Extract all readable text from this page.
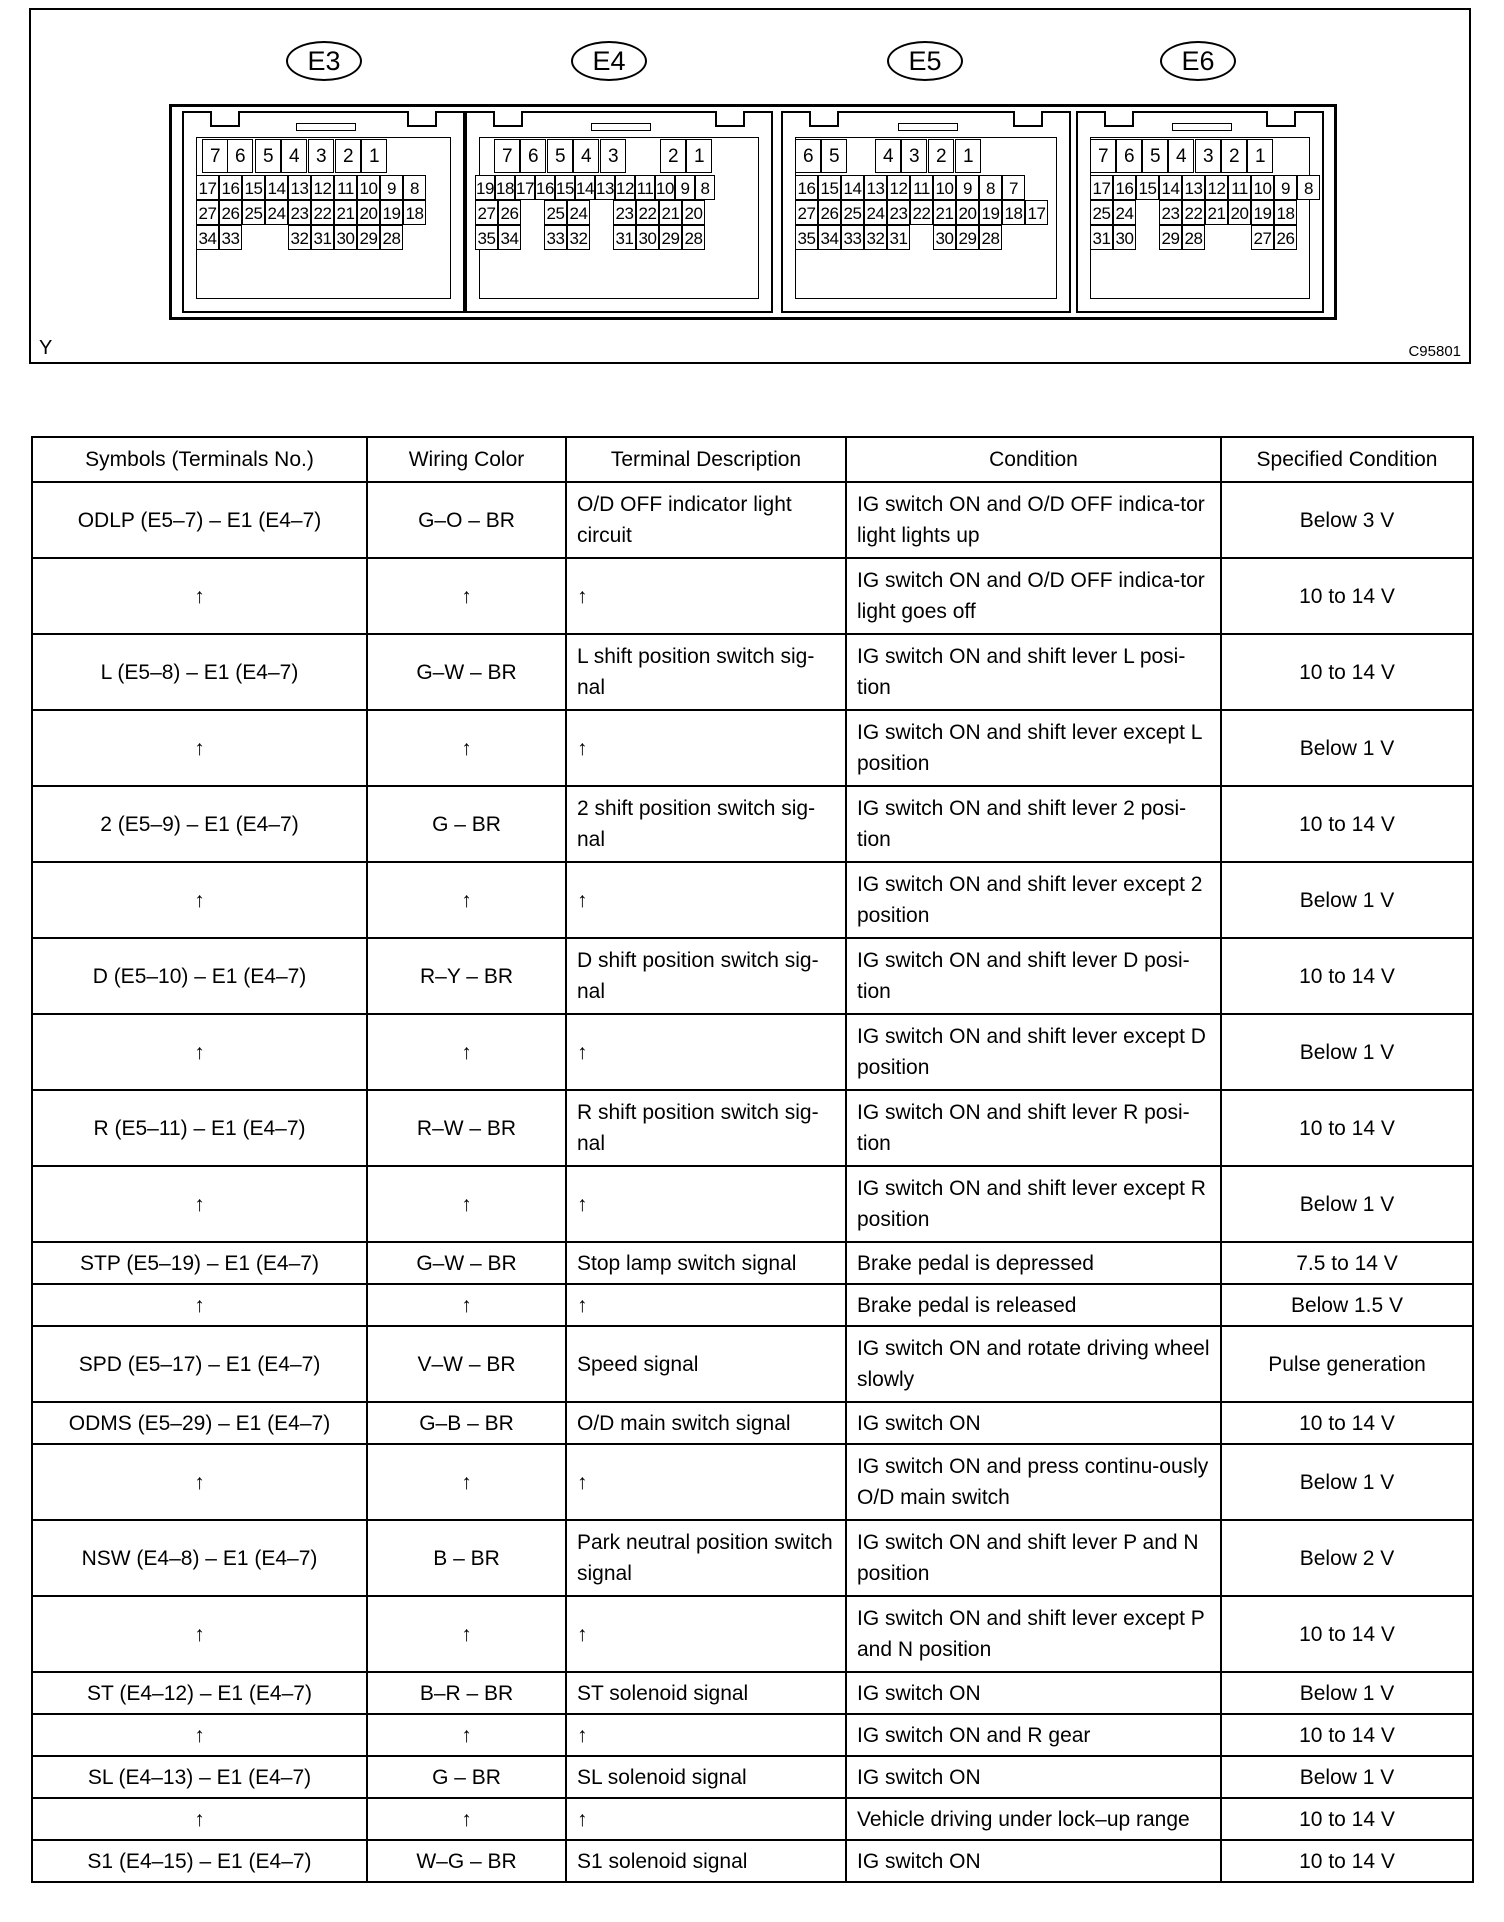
E3	E4	E5	E6
7 6 5 4 3 2 1
17 16 15 14 13 12 11 10 9 8
27 26 25 24 23 22 21 20 19 18
34 33	32 31 30 29 28
7 6 5 4 3	2 1
19 18 17 16 15 14 13 12 11 10 9 8
27 26 25 24 23 22 21 20
35 34 33 32 31 30 29 28
6 5	4 3 2 1
16 15 14 13 12 11 10 9 8 7
27 26 25 24 23 22 21 20 19 18 17
35 34 33 32 31 30 29 28
7 6 5 4 3 2 1
17 16 15 14 13 12 11 10 9 8
25 24 23 22 21 20 19 18
31 30 29 28	27 26
Y	C95801
Symbols (Terminals No.)	Wiring Color	Terminal Description	Condition	Specified Condition
ODLP (E5–7) – E1 (E4–7)	G–O – BR	O/D OFF indicator light circuit	IG switch ON and O/D OFF indica-tor light lights up	Below 3 V
↑	↑	↑	IG switch ON and O/D OFF indica-tor light goes off	10 to 14 V
L (E5–8) – E1 (E4–7)	G–W – BR	L shift position switch sig-nal	IG switch ON and shift lever L posi-tion	10 to 14 V
↑	↑	↑	IG switch ON and shift lever except L position	Below 1 V
2 (E5–9) – E1 (E4–7)	G – BR	2 shift position switch sig-nal	IG switch ON and shift lever 2 posi-tion	10 to 14 V
↑	↑	↑	IG switch ON and shift lever except 2 position	Below 1 V
D (E5–10) – E1 (E4–7)	R–Y – BR	D shift position switch sig-nal	IG switch ON and shift lever D posi-tion	10 to 14 V
↑	↑	↑	IG switch ON and shift lever except D position	Below 1 V
R (E5–11) – E1 (E4–7)	R–W – BR	R shift position switch sig-nal	IG switch ON and shift lever R posi-tion	10 to 14 V
↑	↑	↑	IG switch ON and shift lever except R position	Below 1 V
STP (E5–19) – E1 (E4–7)	G–W – BR	Stop lamp switch signal	Brake pedal is depressed	7.5 to 14 V
↑	↑	↑	Brake pedal is released	Below 1.5 V
SPD (E5–17) – E1 (E4–7)	V–W – BR	Speed signal	IG switch ON and rotate driving wheel slowly	Pulse generation
ODMS (E5–29) – E1 (E4–7)	G–B – BR	O/D main switch signal	IG switch ON	10 to 14 V
↑	↑	↑	IG switch ON and press continu-ously O/D main switch	Below 1 V
NSW (E4–8) – E1 (E4–7)	B – BR	Park neutral position switch signal	IG switch ON and shift lever P and N position	Below 2 V
↑	↑	↑	IG switch ON and shift lever except P and N position	10 to 14 V
ST (E4–12) – E1 (E4–7)	B–R – BR	ST solenoid signal	IG switch ON	Below 1 V
↑	↑	↑	IG switch ON and R gear	10 to 14 V
SL (E4–13) – E1 (E4–7)	G – BR	SL solenoid signal	IG switch ON	Below 1 V
↑	↑	↑	Vehicle driving under lock–up range	10 to 14 V
S1 (E4–15) – E1 (E4–7)	W–G – BR	S1 solenoid signal	IG switch ON	10 to 14 V
